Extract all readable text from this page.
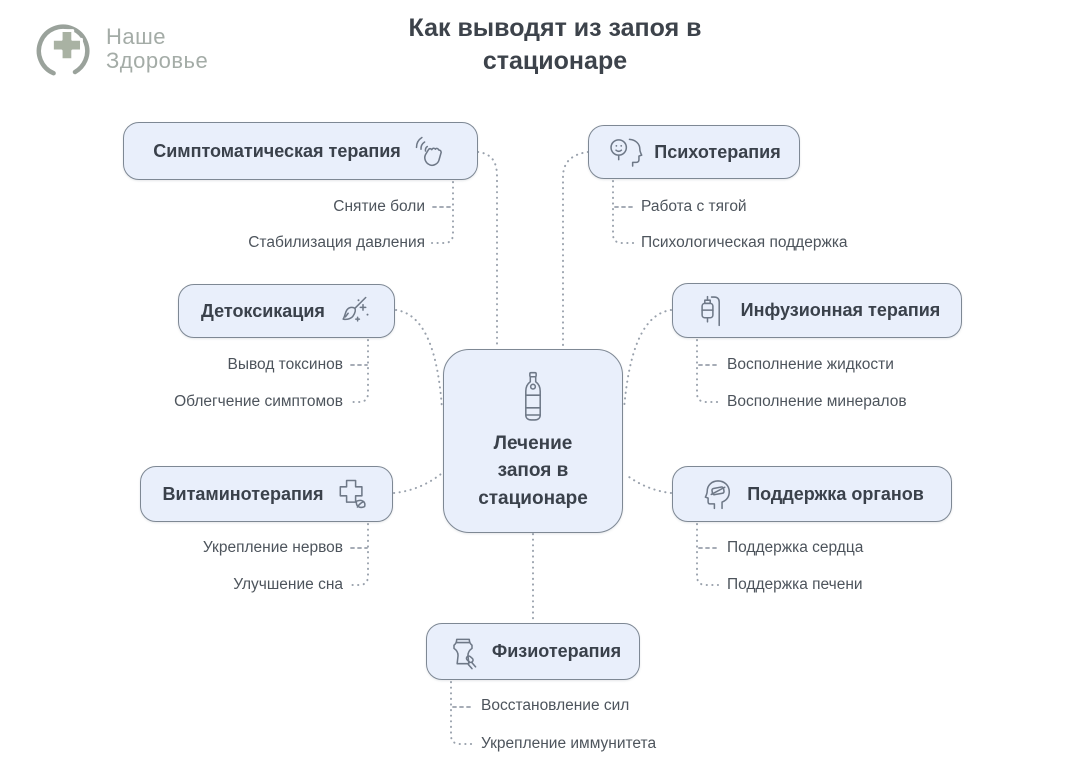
Наше
Здоровье
Как выводят из запоя в
стационаре
Симптоматическая терапия	Психотерапия
Детоксикация	Инфузионная терапия
Витаминотерапия	Поддержка органов
Физиотерапия
Лечение
запоя в
стационаре
Снятие боли
Стабилизация давления
Работа с тягой
Психологическая поддержка
Вывод токсинов
Облегчение симптомов
Восполнение жидкости
Восполнение минералов
Укрепление нервов
Улучшение сна
Поддержка сердца
Поддержка печени
Восстановление сил
Укрепление иммунитета
